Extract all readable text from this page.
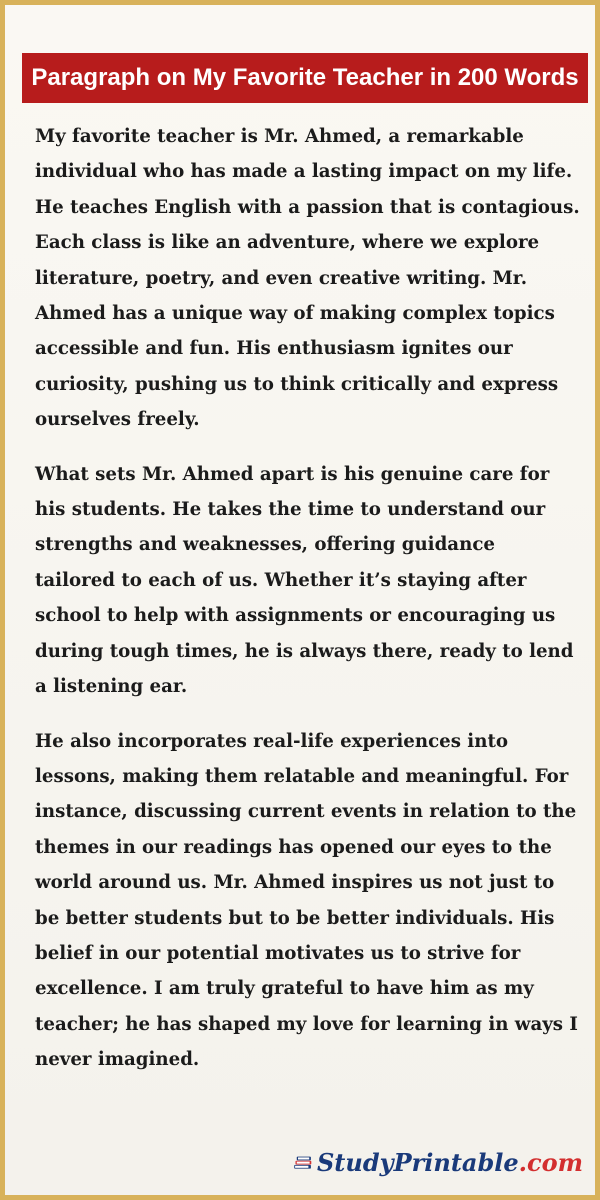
Paragraph on My Favorite Teacher in 200 Words

My favorite teacher is Mr. Ahmed, a remarkable individual who has made a lasting impact on my life. He teaches English with a passion that is contagious. Each class is like an adventure, where we explore literature, poetry, and even creative writing. Mr. Ahmed has a unique way of making complex topics accessible and fun. His enthusiasm ignites our curiosity, pushing us to think critically and express ourselves freely.

What sets Mr. Ahmed apart is his genuine care for his students. He takes the time to understand our strengths and weaknesses, offering guidance tailored to each of us. Whether it’s staying after school to help with assignments or encouraging us during tough times, he is always there, ready to lend a listening ear.

He also incorporates real-life experiences into lessons, making them relatable and meaningful. For instance, discussing current events in relation to the themes in our readings has opened our eyes to the world around us. Mr. Ahmed inspires us not just to be better students but to be better individuals. His belief in our potential motivates us to strive for excellence. I am truly grateful to have him as my teacher; he has shaped my love for learning in ways I never imagined.

StudyPrintable.com
